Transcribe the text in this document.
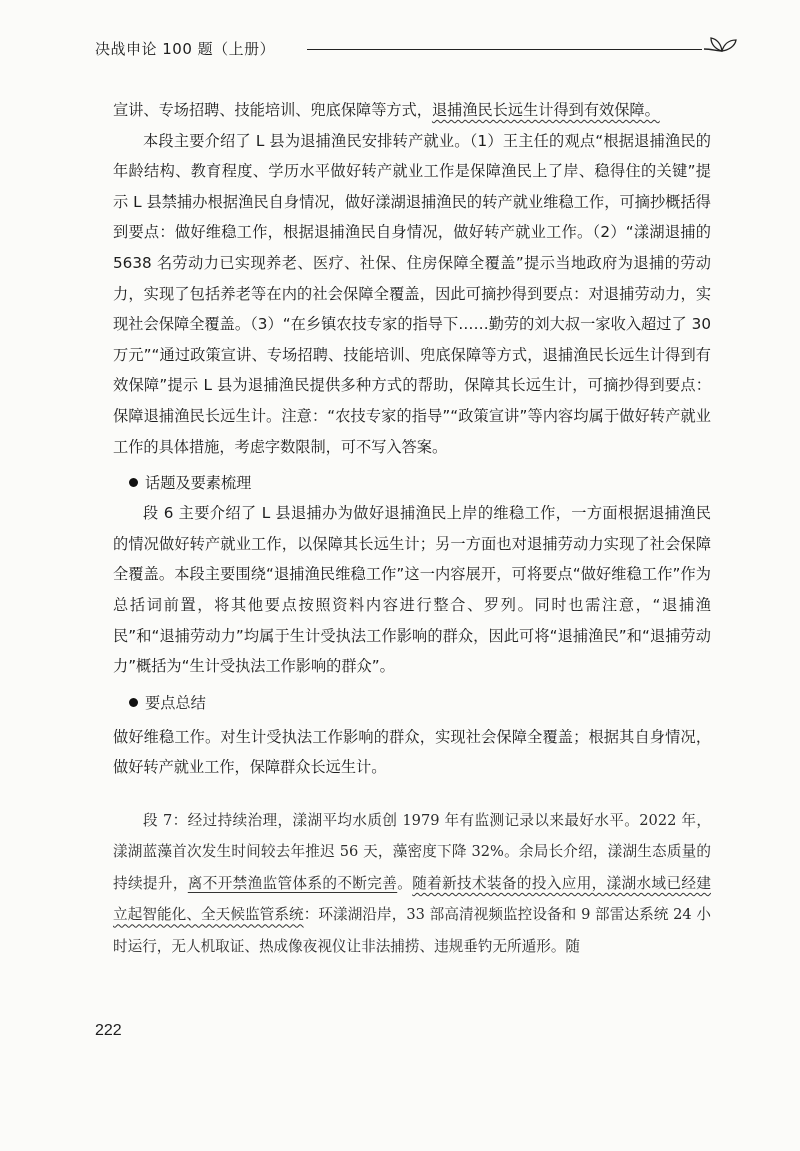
决战申论 100 题（上册）

宣讲、专场招聘、技能培训、兜底保障等方式，退捕渔民长远生计得到有效保障。

本段主要介绍了 L 县为退捕渔民安排转产就业。（1）王主任的观点“根据退捕渔民的年龄结构、教育程度、学历水平做好转产就业工作是保障渔民上了岸、稳得住的关键”提示 L 县禁捕办根据渔民自身情况，做好漾湖退捕渔民的转产就业维稳工作，可摘抄概括得到要点：做好维稳工作，根据退捕渔民自身情况，做好转产就业工作。（2）“漾湖退捕的 5638 名劳动力已实现养老、医疗、社保、住房保障全覆盖”提示当地政府为退捕的劳动力，实现了包括养老等在内的社会保障全覆盖，因此可摘抄得到要点：对退捕劳动力，实现社会保障全覆盖。（3）“在乡镇农技专家的指导下……勤劳的刘大叔一家收入超过了 30 万元”“通过政策宣讲、专场招聘、技能培训、兜底保障等方式，退捕渔民长远生计得到有效保障”提示 L 县为退捕渔民提供多种方式的帮助，保障其长远生计，可摘抄得到要点：保障退捕渔民长远生计。注意：“农技专家的指导”“政策宣讲”等内容均属于做好转产就业工作的具体措施，考虑字数限制，可不写入答案。

话题及要素梳理

段 6 主要介绍了 L 县退捕办为做好退捕渔民上岸的维稳工作，一方面根据退捕渔民的情况做好转产就业工作，以保障其长远生计；另一方面也对退捕劳动力实现了社会保障全覆盖。本段主要围绕“退捕渔民维稳工作”这一内容展开，可将要点“做好维稳工作”作为总括词前置，将其他要点按照资料内容进行整合、罗列。同时也需注意，“退捕渔民”和“退捕劳动力”均属于生计受执法工作影响的群众，因此可将“退捕渔民”和“退捕劳动力”概括为“生计受执法工作影响的群众”。

要点总结

做好维稳工作。对生计受执法工作影响的群众，实现社会保障全覆盖；根据其自身情况，做好转产就业工作，保障群众长远生计。

段 7：经过持续治理，漾湖平均水质创 1979 年有监测记录以来最好水平。2022 年，漾湖蓝藻首次发生时间较去年推迟 56 天，藻密度下降 32%。余局长介绍，漾湖生态质量的持续提升，离不开禁渔监管体系的不断完善。随着新技术装备的投入应用，漾湖水域已经建立起智能化、全天候监管系统：环漾湖沿岸，33 部高清视频监控设备和 9 部雷达系统 24 小时运行，无人机取证、热成像夜视仪让非法捕捞、违规垂钓无所遁形。随

222
